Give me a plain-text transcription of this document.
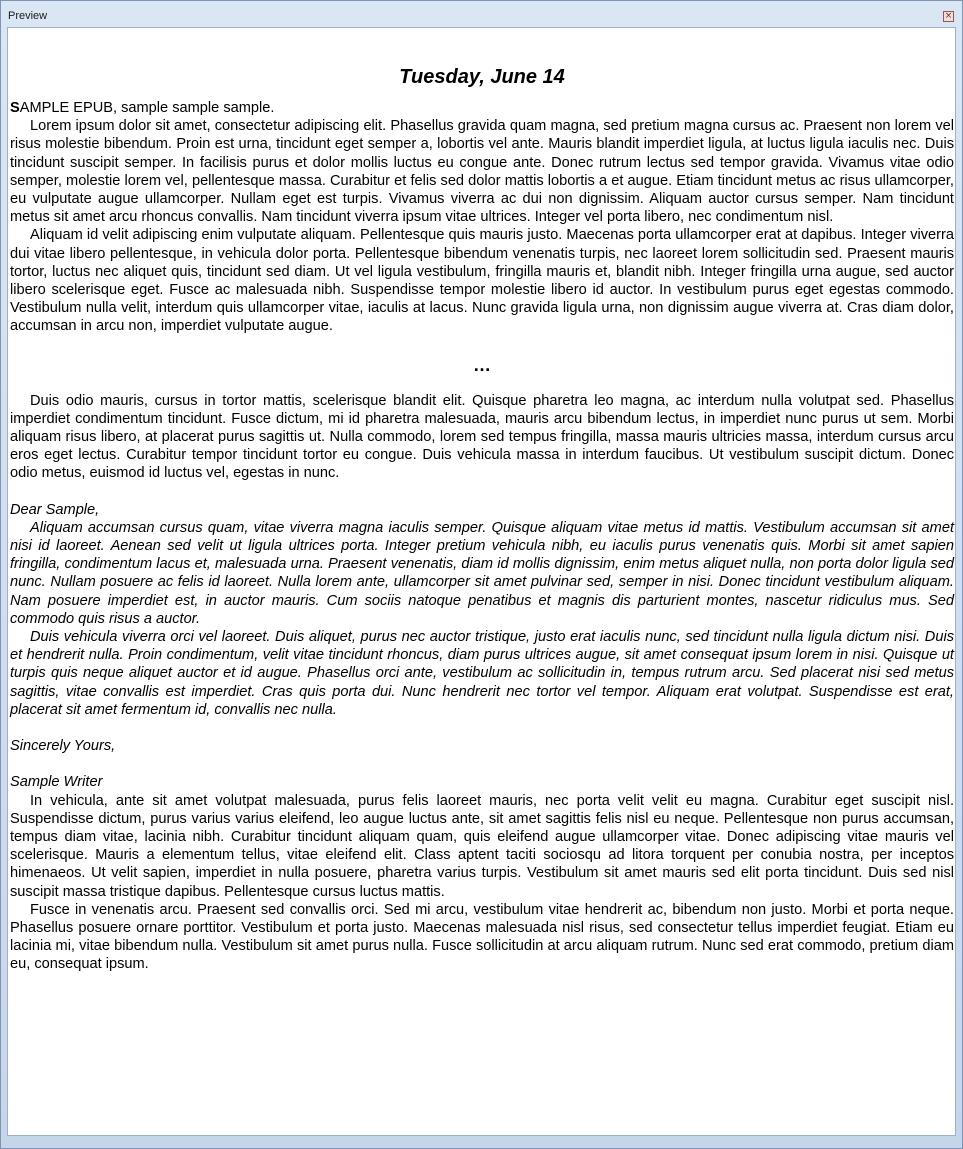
Preview	×
Tuesday, June 14

SAMPLE EPUB, sample sample sample.

Lorem ipsum dolor sit amet, consectetur adipiscing elit. Phasellus gravida quam magna, sed pretium magna cursus ac. Praesent non lorem vel risus molestie bibendum. Proin est urna, tincidunt eget semper a, lobortis vel ante. Mauris blandit imperdiet ligula, at luctus ligula iaculis nec. Duis tincidunt suscipit semper. In facilisis purus et dolor mollis luctus eu congue ante. Donec rutrum lectus sed tempor gravida. Vivamus vitae odio semper, molestie lorem vel, pellentesque massa. Curabitur et felis sed dolor mattis lobortis a et augue. Etiam tincidunt metus ac risus ullamcorper, eu vulputate augue ullamcorper. Nullam eget est turpis. Vivamus viverra ac dui non dignissim. Aliquam auctor cursus semper. Nam tincidunt metus sit amet arcu rhoncus convallis. Nam tincidunt viverra ipsum vitae ultrices. Integer vel porta libero, nec condimentum nisl.

Aliquam id velit adipiscing enim vulputate aliquam. Pellentesque quis mauris justo. Maecenas porta ullamcorper erat at dapibus. Integer viverra dui vitae libero pellentesque, in vehicula dolor porta. Pellentesque bibendum venenatis turpis, nec laoreet lorem sollicitudin sed. Praesent mauris tortor, luctus nec aliquet quis, tincidunt sed diam. Ut vel ligula vestibulum, fringilla mauris et, blandit nibh. Integer fringilla urna augue, sed auctor libero scelerisque eget. Fusce ac malesuada nibh. Suspendisse tempor molestie libero id auctor. In vestibulum purus eget egestas commodo. Vestibulum nulla velit, interdum quis ullamcorper vitae, iaculis at lacus. Nunc gravida ligula urna, non dignissim augue viverra at. Cras diam dolor, accumsan in arcu non, imperdiet vulputate augue.

…

Duis odio mauris, cursus in tortor mattis, scelerisque blandit elit. Quisque pharetra leo magna, ac interdum nulla volutpat sed. Phasellus imperdiet condimentum tincidunt. Fusce dictum, mi id pharetra malesuada, mauris arcu bibendum lectus, in imperdiet nunc purus ut sem. Morbi aliquam risus libero, at placerat purus sagittis ut. Nulla commodo, lorem sed tempus fringilla, massa mauris ultricies massa, interdum cursus arcu eros eget lectus. Curabitur tempor tincidunt tortor eu congue. Duis vehicula massa in interdum faucibus. Ut vestibulum suscipit dictum. Donec odio metus, euismod id luctus vel, egestas in nunc.

Dear Sample,

Aliquam accumsan cursus quam, vitae viverra magna iaculis semper. Quisque aliquam vitae metus id mattis. Vestibulum accumsan sit amet nisi id laoreet. Aenean sed velit ut ligula ultrices porta. Integer pretium vehicula nibh, eu iaculis purus venenatis quis. Morbi sit amet sapien fringilla, condimentum lacus et, malesuada urna. Praesent venenatis, diam id mollis dignissim, enim metus aliquet nulla, non porta dolor ligula sed nunc. Nullam posuere ac felis id laoreet. Nulla lorem ante, ullamcorper sit amet pulvinar sed, semper in nisi. Donec tincidunt vestibulum aliquam. Nam posuere imperdiet est, in auctor mauris. Cum sociis natoque penatibus et magnis dis parturient montes, nascetur ridiculus mus. Sed commodo quis risus a auctor.

Duis vehicula viverra orci vel laoreet. Duis aliquet, purus nec auctor tristique, justo erat iaculis nunc, sed tincidunt nulla ligula dictum nisi. Duis et hendrerit nulla. Proin condimentum, velit vitae tincidunt rhoncus, diam purus ultrices augue, sit amet consequat ipsum lorem in nisi. Quisque ut turpis quis neque aliquet auctor et id augue. Phasellus orci ante, vestibulum ac sollicitudin in, tempus rutrum arcu. Sed placerat nisi sed metus sagittis, vitae convallis est imperdiet. Cras quis porta dui. Nunc hendrerit nec tortor vel tempor. Aliquam erat volutpat. Suspendisse est erat, placerat sit amet fermentum id, convallis nec nulla.

Sincerely Yours,

Sample Writer

In vehicula, ante sit amet volutpat malesuada, purus felis laoreet mauris, nec porta velit velit eu magna. Curabitur eget suscipit nisl. Suspendisse dictum, purus varius varius eleifend, leo augue luctus ante, sit amet sagittis felis nisl eu neque. Pellentesque non purus accumsan, tempus diam vitae, lacinia nibh. Curabitur tincidunt aliquam quam, quis eleifend augue ullamcorper vitae. Donec adipiscing vitae mauris vel scelerisque. Mauris a elementum tellus, vitae eleifend elit. Class aptent taciti sociosqu ad litora torquent per conubia nostra, per inceptos himenaeos. Ut velit sapien, imperdiet in nulla posuere, pharetra varius turpis. Vestibulum sit amet mauris sed elit porta tincidunt. Duis sed nisl suscipit massa tristique dapibus. Pellentesque cursus luctus mattis.

Fusce in venenatis arcu. Praesent sed convallis orci. Sed mi arcu, vestibulum vitae hendrerit ac, bibendum non justo. Morbi et porta neque. Phasellus posuere ornare porttitor. Vestibulum et porta justo. Maecenas malesuada nisl risus, sed consectetur tellus imperdiet feugiat. Etiam eu lacinia mi, vitae bibendum nulla. Vestibulum sit amet purus nulla. Fusce sollicitudin at arcu aliquam rutrum. Nunc sed erat commodo, pretium diam eu, consequat ipsum.
